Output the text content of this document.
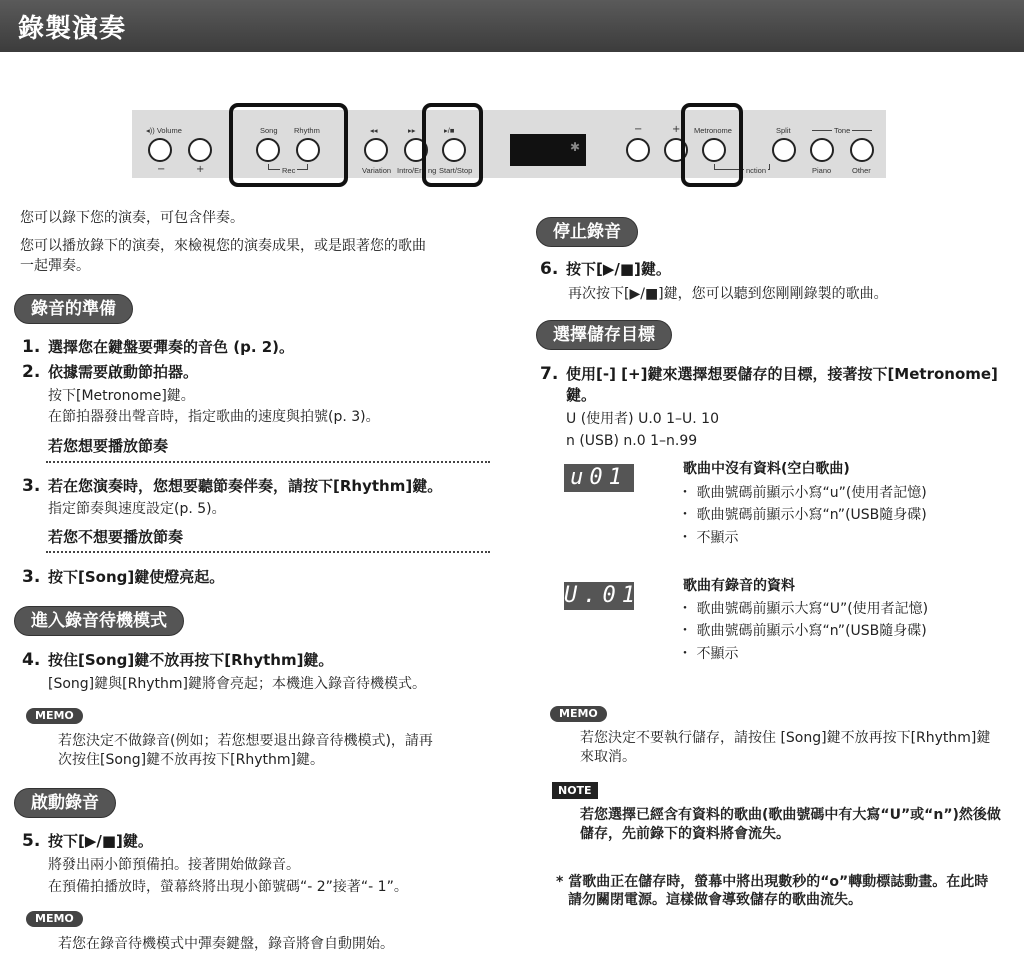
錄製演奏
◂)) Volume
−	+
Song Rhythm
Rec
◂◂	▸▸	▸/■
Variation Intro/Er ng Start/Stop
✱
−	+ Metronome
nction
Split	Tone
Piano	Other
您可以錄下您的演奏，可包含伴奏。
您可以播放錄下的演奏，來檢視您的演奏成果，或是跟著您的歌曲
一起彈奏。
錄音的準備
1. 選擇您在鍵盤要彈奏的音色 (p. 2)。
2. 依據需要啟動節拍器。
按下[Metronome]鍵。
在節拍器發出聲音時，指定歌曲的速度與拍號(p. 3)。
若您想要播放節奏
3. 若在您演奏時，您想要聽節奏伴奏，請按下[Rhythm]鍵。
指定節奏與速度設定(p. 5)。
若您不想要播放節奏
3. 按下[Song]鍵使燈亮起。
進入錄音待機模式
4. 按住[Song]鍵不放再按下[Rhythm]鍵。
[Song]鍵與[Rhythm]鍵將會亮起；本機進入錄音待機模式。
MEMO
若您決定不做錄音(例如；若您想要退出錄音待機模式)，請再
次按住[Song]鍵不放再按下[Rhythm]鍵。
啟動錄音
5. 按下[▶/■]鍵。
將發出兩小節預備拍。接著開始做錄音。
在預備拍播放時，螢幕終將出現小節號碼“- 2”接著“- 1”。
MEMO
若您在錄音待機模式中彈奏鍵盤，錄音將會自動開始。
停止錄音
6. 按下[▶/■]鍵。
再次按下[▶/■]鍵，您可以聽到您剛剛錄製的歌曲。
選擇儲存目標
7. 使用[-] [+]鍵來選擇想要儲存的目標，接著按下[Metronome]
鍵。
U (使用者) U.0 1–U. 10
n (USB) n.0 1–n.99
u01	歌曲中沒有資料(空白歌曲)
・ 歌曲號碼前顯示小寫“u”(使用者記憶)
・ 歌曲號碼前顯示小寫“n”(USB隨身碟)
・ 不顯示
U.01	歌曲有錄音的資料
・ 歌曲號碼前顯示大寫“U”(使用者記憶)
・ 歌曲號碼前顯示小寫“n”(USB隨身碟)
・ 不顯示
MEMO
若您決定不要執行儲存，請按住 [Song]鍵不放再按下[Rhythm]鍵
來取消。
NOTE
若您選擇已經含有資料的歌曲(歌曲號碼中有大寫“U”或“n”)然後做
儲存，先前錄下的資料將會流失。
* 當歌曲正在儲存時，螢幕中將出現數秒的“o”轉動標誌動畫。在此時
請勿關閉電源。這樣做會導致儲存的歌曲流失。
